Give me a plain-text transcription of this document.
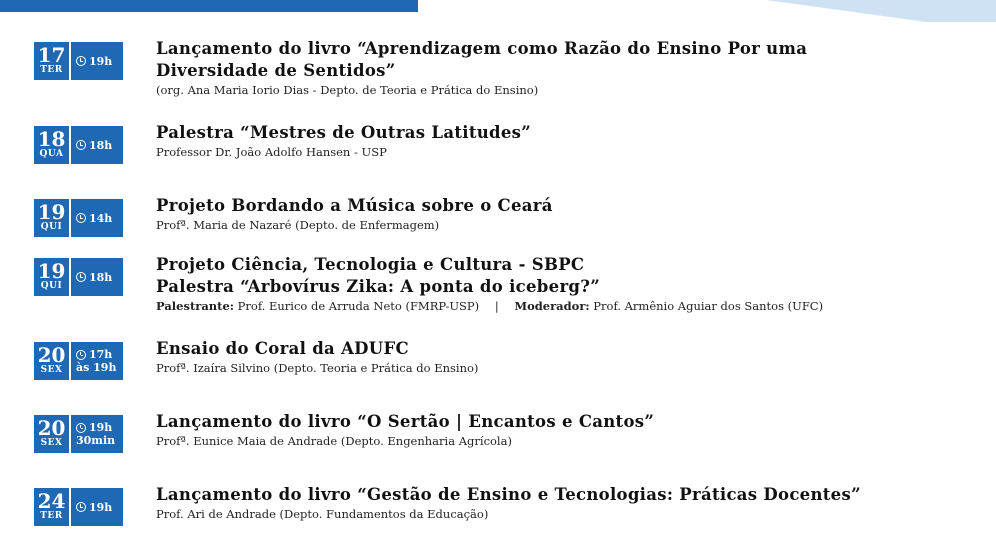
17
TER
19h
Lançamento do livro “Aprendizagem como Razão do Ensino Por uma
Diversidade de Sentidos”
(org. Ana Maria Iorio Dias - Depto. de Teoria e Prática do Ensino)
18
QUA
18h
Palestra “Mestres de Outras Latitudes”
Professor Dr. João Adolfo Hansen - USP
19
QUI
14h
Projeto Bordando a Música sobre o Ceará
Profª. Maria de Nazaré (Depto. de Enfermagem)
19
QUI
18h
Projeto Ciência, Tecnologia e Cultura - SBPC
Palestra “Arbovírus Zika: A ponta do iceberg?”
Palestrante: Prof. Eurico de Arruda Neto (FMRP-USP) | Moderador: Prof. Armênio Aguiar dos Santos (UFC)
20
SEX
17h
às 19h
Ensaio do Coral da ADUFC
Profª. Izaíra Silvino (Depto. Teoria e Prática do Ensino)
20
SEX
19h
30min
Lançamento do livro “O Sertão | Encantos e Cantos”
Profª. Eunice Maia de Andrade (Depto. Engenharia Agrícola)
24
TER
19h
Lançamento do livro “Gestão de Ensino e Tecnologias: Práticas Docentes”
Prof. Ari de Andrade (Depto. Fundamentos da Educação)
